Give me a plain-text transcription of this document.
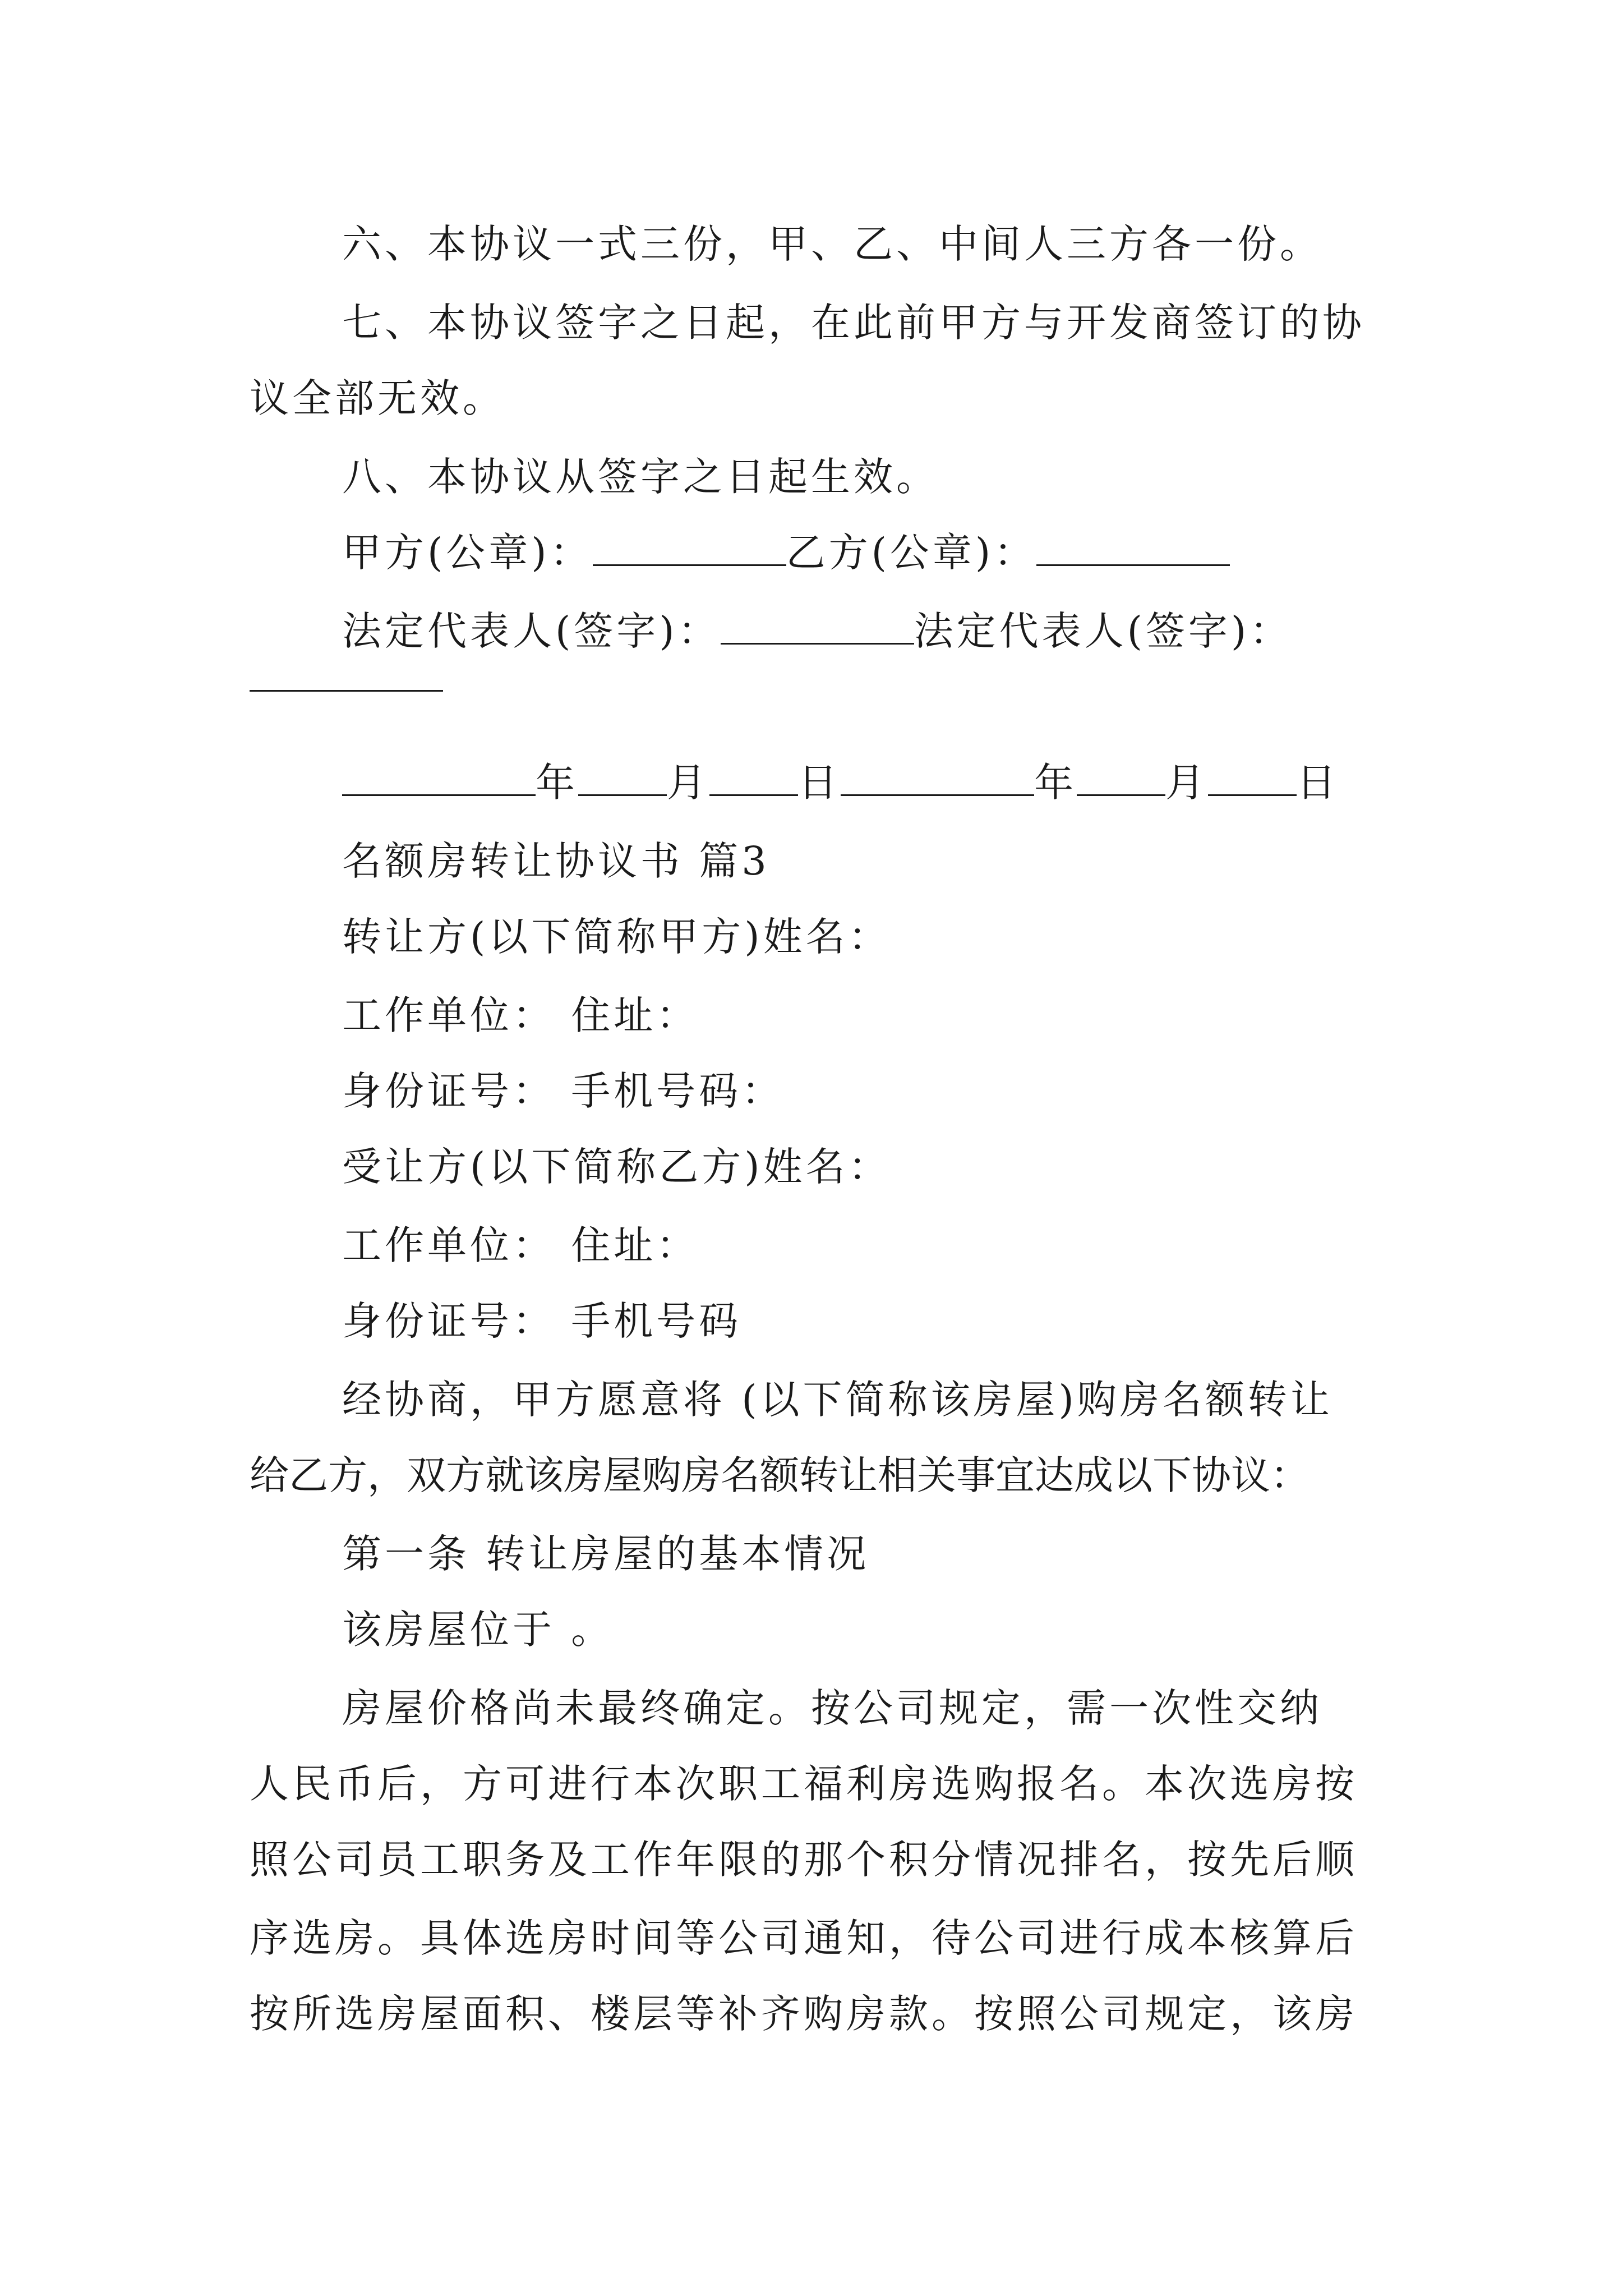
六、本协议一式三份，甲、乙、中间人三方各一份。
七、本协议签字之日起，在此前甲方与开发商签订的协
议全部无效。
八、本协议从签字之日起生效。
甲方(公章)：	乙方(公章)：
法定代表人(签字)：	法定代表人(签字)：
年 月 日	年 月 日
名额房转让协议书 篇3
转让方(以下简称甲方)姓名：
工作单位： 住址：
身份证号： 手机号码：
受让方(以下简称乙方)姓名：
工作单位： 住址：
身份证号： 手机号码
经协商，甲方愿意将 (以下简称该房屋)购房名额转让
给乙方，双方就该房屋购房名额转让相关事宜达成以下协议：
第一条 转让房屋的基本情况
该房屋位于 。
房屋价格尚未最终确定。按公司规定，需一次性交纳
人民币后，方可进行本次职工福利房选购报名。本次选房按
照公司员工职务及工作年限的那个积分情况排名，按先后顺
序选房。具体选房时间等公司通知，待公司进行成本核算后
按所选房屋面积、楼层等补齐购房款。按照公司规定，该房
